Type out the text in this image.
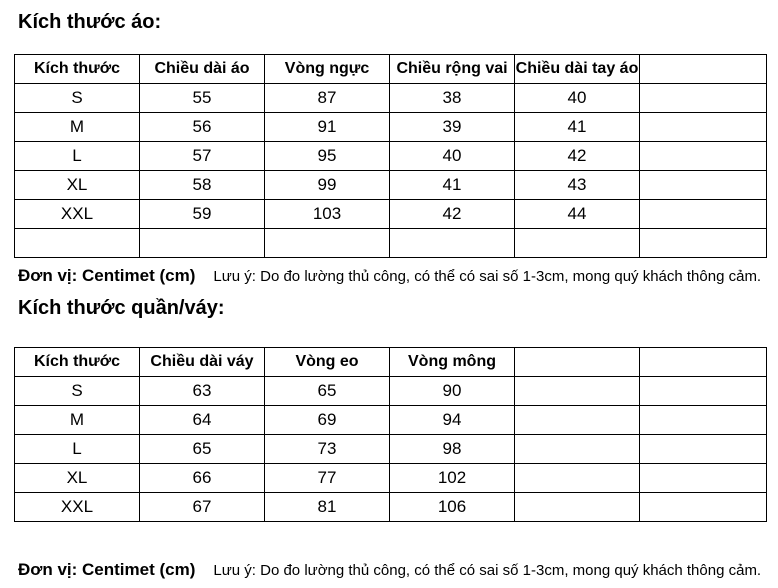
Kích thước áo:
Kích thước	Chiều dài áo	Vòng ngực	Chiều rộng vai	Chiều dài tay áo	
S	55	87	38	40	
M	56	91	39	41	
L	57	95	40	42	
XL	58	99	41	43	
XXL	59	103	42	44	

Đơn vị: Centimet (cm) Lưu ý: Do đo lường thủ công, có thể có sai số 1-3cm, mong quý khách thông cảm.
Kích thước quần/váy:
Kích thước	Chiều dài váy	Vòng eo	Vòng mông		
S	63	65	90		
M	64	69	94		
L	65	73	98		
XL	66	77	102		
XXL	67	81	106		
Đơn vị: Centimet (cm) Lưu ý: Do đo lường thủ công, có thể có sai số 1-3cm, mong quý khách thông cảm.
